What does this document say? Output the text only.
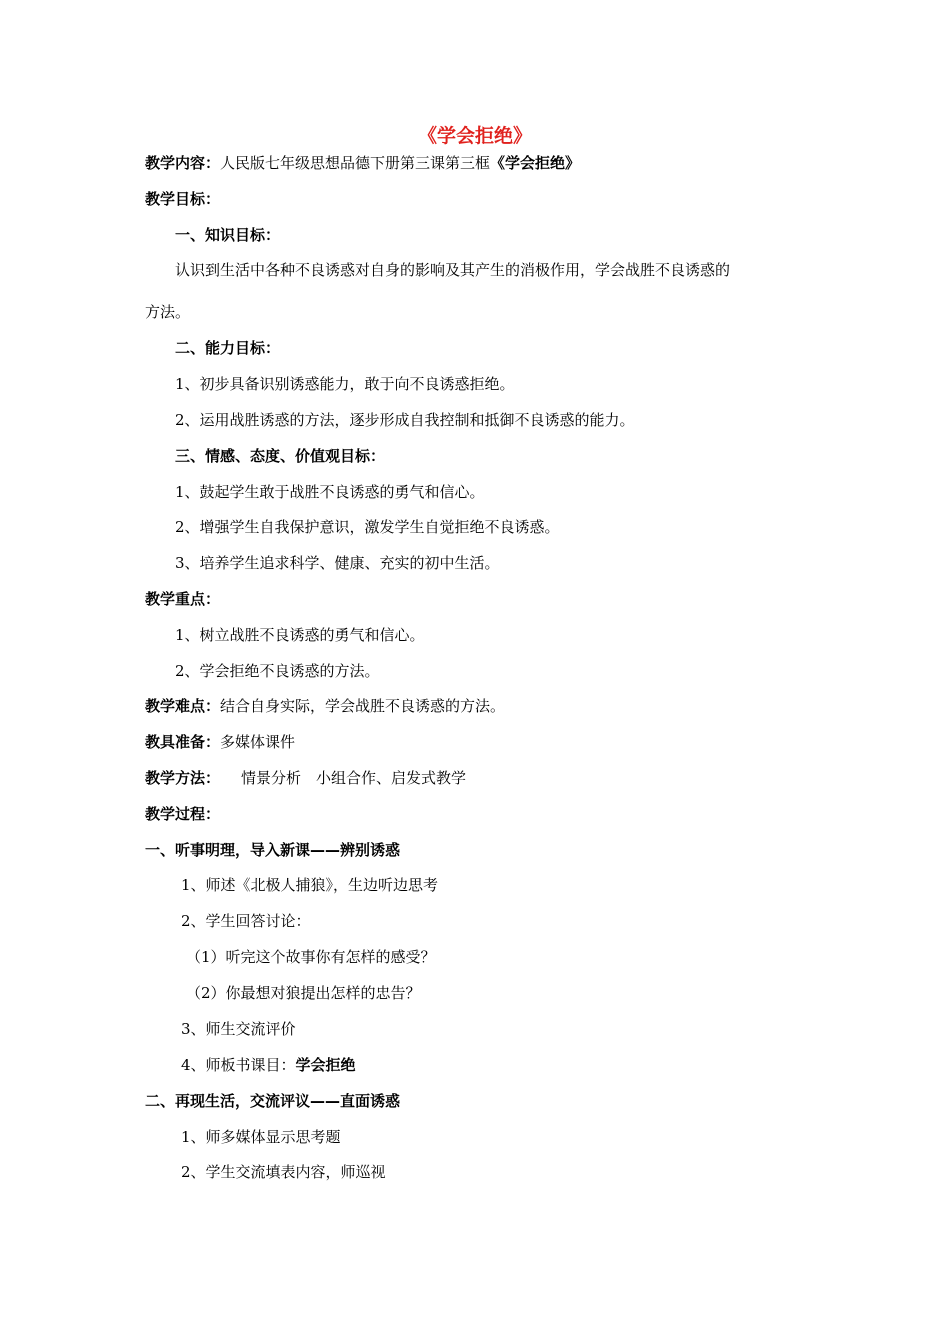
《学会拒绝》
教学内容：人民版七年级思想品德下册第三课第三框《学会拒绝》
教学目标：
一、知识目标：
认识到生活中各种不良诱惑对自身的影响及其产生的消极作用，学会战胜不良诱惑的
方法。
二、能力目标：
1、初步具备识别诱惑能力，敢于向不良诱惑拒绝。
2、运用战胜诱惑的方法，逐步形成自我控制和抵御不良诱惑的能力。
三、情感、态度、价值观目标：
1、鼓起学生敢于战胜不良诱惑的勇气和信心。
2、增强学生自我保护意识，激发学生自觉拒绝不良诱惑。
3、培养学生追求科学、健康、充实的初中生活。
教学重点：
1、树立战胜不良诱惑的勇气和信心。
2、学会拒绝不良诱惑的方法。
教学难点：结合自身实际，学会战胜不良诱惑的方法。
教具准备：多媒体课件
教学方法： 情景分析　小组合作、启发式教学
教学过程：
一、听事明理，导入新课——辨别诱惑
1、师述《北极人捕狼》，生边听边思考
2、学生回答讨论：
（1）听完这个故事你有怎样的感受？
（2）你最想对狼提出怎样的忠告？
3、师生交流评价
4、师板书课目：学会拒绝
二、再现生活，交流评议——直面诱惑
1、师多媒体显示思考题
2、学生交流填表内容，师巡视
